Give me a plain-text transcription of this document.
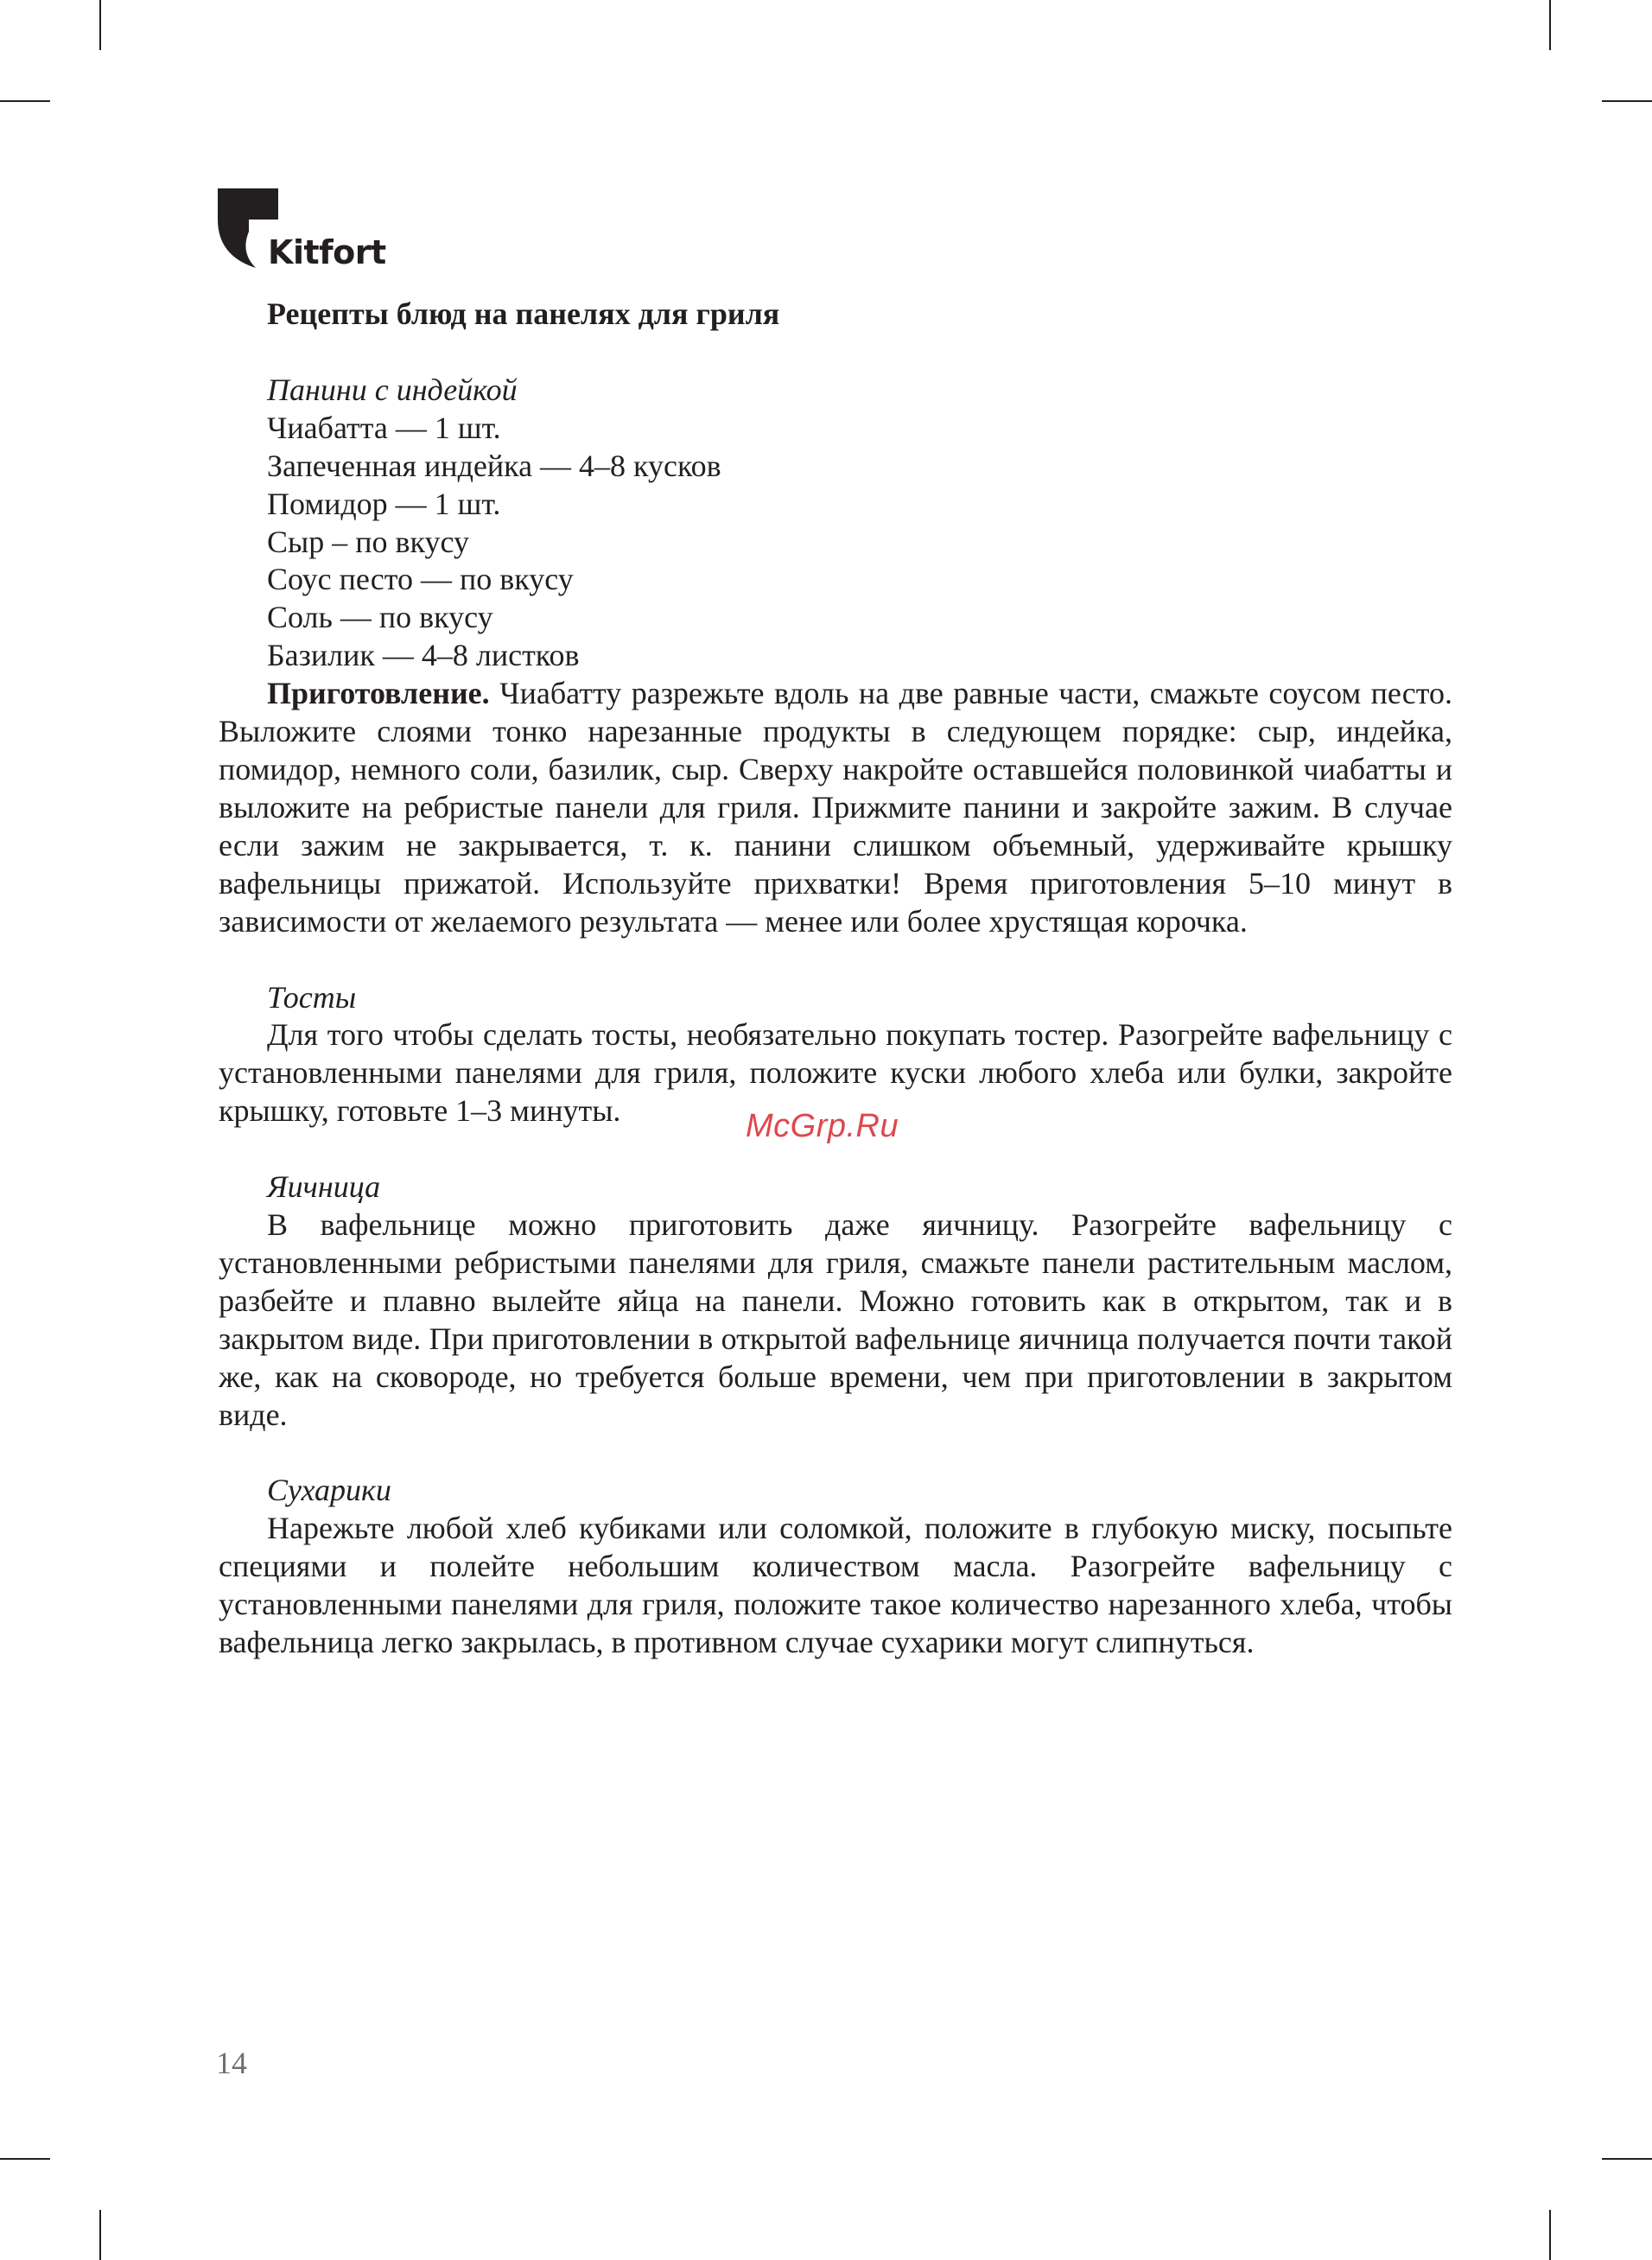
Kitfort
Рецепты блюд на панелях для гриля
Панини с индейкой
Чиабатта — 1 шт.
Запеченная индейка — 4–8 кусков
Помидор — 1 шт.
Сыр – по вкусу
Соус песто — по вкусу
Соль — по вкусу
Базилик — 4–8 листков

Приготовление. Чиабатту разрежьте вдоль на две равные части, смажьте соусом песто. Выложите слоями тонко нарезанные продукты в следующем порядке: сыр, индейка, помидор, немного соли, базилик, сыр. Сверху накройте оставшейся половинкой чиабатты и выложите на ребристые панели для гриля. Прижмите панини и закройте зажим. В случае если зажим не закрывается, т. к. панини слишком объемный, удерживайте крышку вафельницы прижатой. Используйте прихватки! Время приготовления 5–10 минут в зависимости от желаемого результата — менее или более хрустящая корочка.

Тосты

Для того чтобы сделать тосты, необязательно покупать тостер. Разогрейте вафельницу с установленными панелями для гриля, положите куски любого хлеба или булки, закройте крышку, готовьте 1–3 минуты.

Яичница

В вафельнице можно приготовить даже яичницу. Разогрейте вафельницу с установленными ребристыми панелями для гриля, смажьте панели растительным маслом, разбейте и плавно вылейте яйца на панели. Можно готовить как в открытом, так и в закрытом виде. При приготовлении в открытой вафельнице яичница получается почти такой же, как на сковороде, но требуется больше времени, чем при приготовлении в закрытом виде.

Сухарики

Нарежьте любой хлеб кубиками или соломкой, положите в глубокую миску, посыпьте специями и полейте небольшим количеством масла. Разогрейте вафельницу с установленными панелями для гриля, положите такое количество нарезанного хлеба, чтобы вафельница легко закрылась, в противном случае сухарики могут слипнуться.

McGrp.Ru
14
